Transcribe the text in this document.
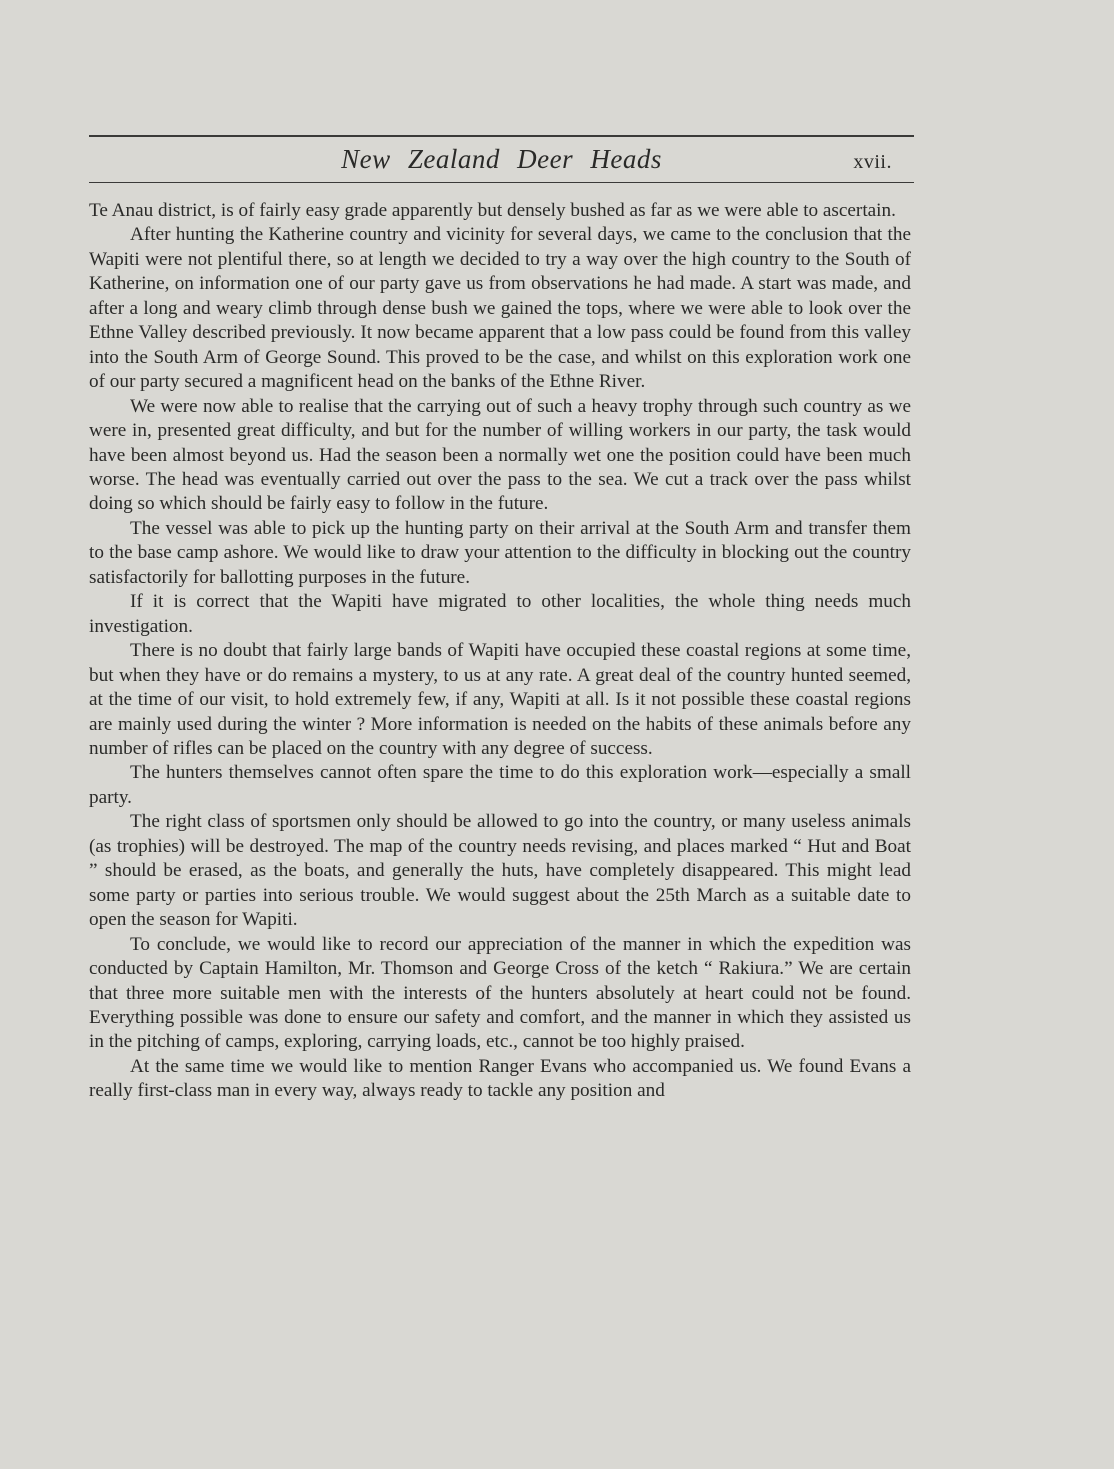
New Zealand Deer Heads	xvii.

Te Anau district, is of fairly easy grade apparently but densely bushed as far as we were able to ascertain.

After hunting the Katherine country and vicinity for several days, we came to the conclusion that the Wapiti were not plentiful there, so at length we decided to try a way over the high country to the South of Katherine, on information one of our party gave us from observations he had made. A start was made, and after a long and weary climb through dense bush we gained the tops, where we were able to look over the Ethne Valley described previously. It now became apparent that a low pass could be found from this valley into the South Arm of George Sound. This proved to be the case, and whilst on this exploration work one of our party secured a magnificent head on the banks of the Ethne River.

We were now able to realise that the carrying out of such a heavy trophy through such country as we were in, presented great difficulty, and but for the number of willing workers in our party, the task would have been almost beyond us. Had the season been a normally wet one the position could have been much worse. The head was eventually carried out over the pass to the sea. We cut a track over the pass whilst doing so which should be fairly easy to follow in the future.

The vessel was able to pick up the hunting party on their arrival at the South Arm and transfer them to the base camp ashore. We would like to draw your attention to the difficulty in blocking out the country satisfactorily for ballotting purposes in the future.

If it is correct that the Wapiti have migrated to other localities, the whole thing needs much investigation.

There is no doubt that fairly large bands of Wapiti have occupied these coastal regions at some time, but when they have or do remains a mystery, to us at any rate. A great deal of the country hunted seemed, at the time of our visit, to hold extremely few, if any, Wapiti at all. Is it not possible these coastal regions are mainly used during the winter ? More information is needed on the habits of these animals before any number of rifles can be placed on the country with any degree of success.

The hunters themselves cannot often spare the time to do this exploration work—especially a small party.

The right class of sportsmen only should be allowed to go into the country, or many useless animals (as trophies) will be destroyed. The map of the country needs revising, and places marked “ Hut and Boat ” should be erased, as the boats, and generally the huts, have completely disappeared. This might lead some party or parties into serious trouble. We would suggest about the 25th March as a suitable date to open the season for Wapiti.

To conclude, we would like to record our appreciation of the manner in which the expedition was conducted by Captain Hamilton, Mr. Thomson and George Cross of the ketch “ Rakiura.” We are certain that three more suitable men with the interests of the hunters absolutely at heart could not be found. Everything possible was done to ensure our safety and comfort, and the manner in which they assisted us in the pitching of camps, exploring, carrying loads, etc., cannot be too highly praised.

At the same time we would like to mention Ranger Evans who accompanied us. We found Evans a really first-class man in every way, always ready to tackle any position and
